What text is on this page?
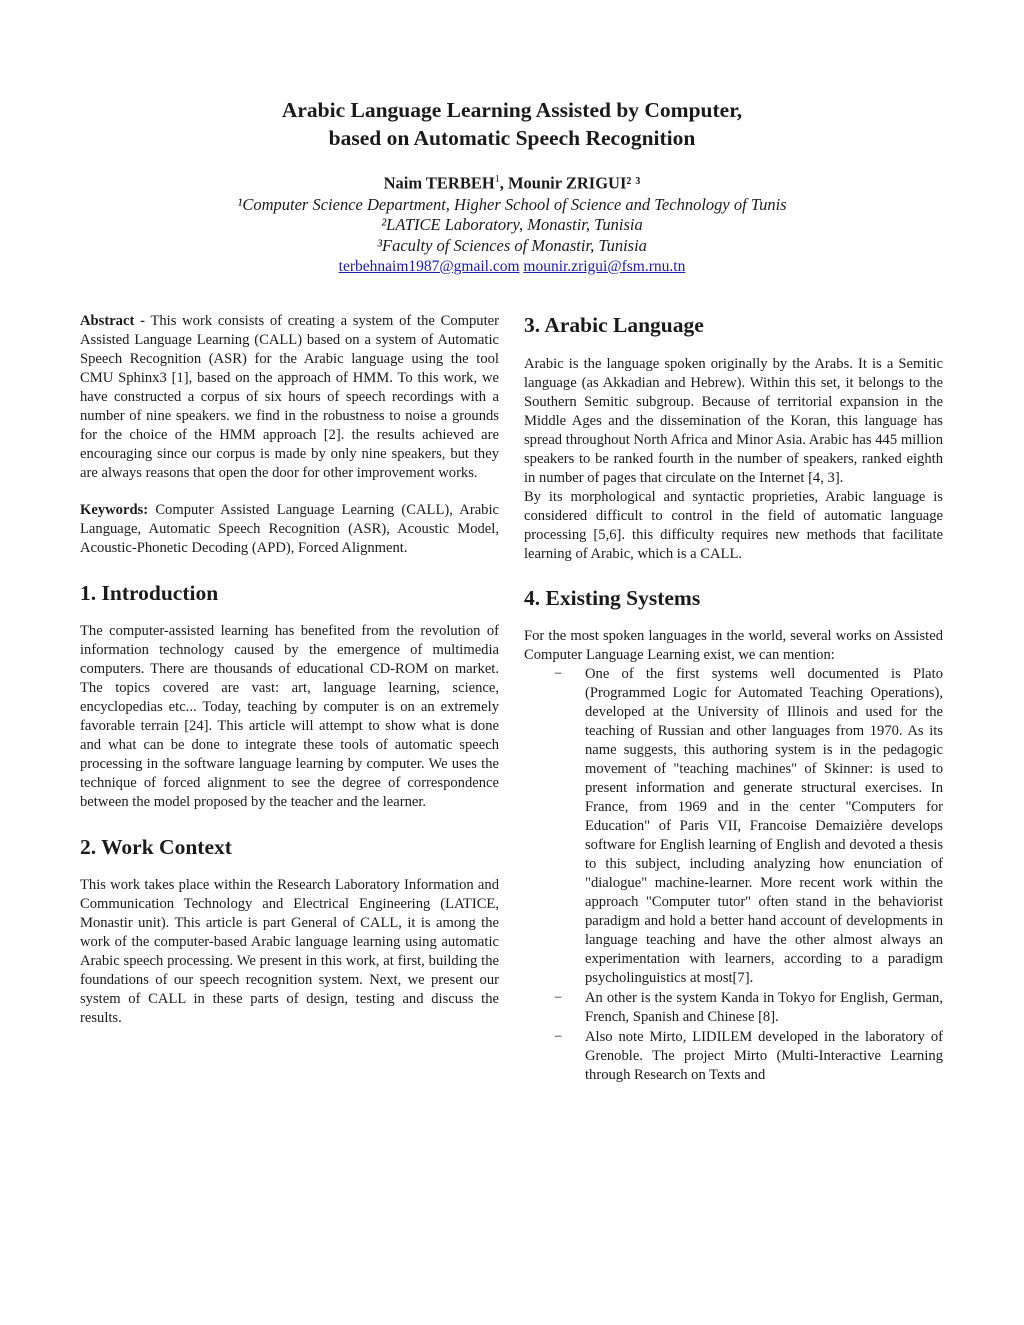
Arabic Language Learning Assisted by Computer,
based on Automatic Speech Recognition
Naim TERBEH$^1$, Mounir ZRIGUI² ³
¹Computer Science Department, Higher School of Science and Technology of Tunis
²LATICE Laboratory, Monastir, Tunisia
³Faculty of Sciences of Monastir, Tunisia
terbehnaim1987@gmail.com mounir.zrigui@fsm.rnu.tn

Abstract - This work consists of creating a system of the Computer Assisted Language Learning (CALL) based on a system of Automatic Speech Recognition (ASR) for the Arabic language using the tool CMU Sphinx3 [1], based on the approach of HMM. To this work, we have constructed a corpus of six hours of speech recordings with a number of nine speakers. we find in the robustness to noise a grounds for the choice of the HMM approach [2]. the results achieved are encouraging since our corpus is made by only nine speakers, but they are always reasons that open the door for other improvement works.

Keywords: Computer Assisted Language Learning (CALL), Arabic Language, Automatic Speech Recognition (ASR), Acoustic Model, Acoustic-Phonetic Decoding (APD), Forced Alignment.

1. Introduction

The computer-assisted learning has benefited from the revolution of information technology caused by the emergence of multimedia computers. There are thousands of educational CD-ROM on market. The topics covered are vast: art, language learning, science, encyclopedias etc... Today, teaching by computer is on an extremely favorable terrain [24]. This article will attempt to show what is done and what can be done to integrate these tools of automatic speech processing in the software language learning by computer. We uses the technique of forced alignment to see the degree of correspondence between the model proposed by the teacher and the learner.

2. Work Context

This work takes place within the Research Laboratory Information and Communication Technology and Electrical Engineering (LATICE, Monastir unit). This article is part General of CALL, it is among the work of the computer-based Arabic language learning using automatic Arabic speech processing. We present in this work, at first, building the foundations of our speech recognition system. Next, we present our system of CALL in these parts of design, testing and discuss the results.

3. Arabic Language

Arabic is the language spoken originally by the Arabs. It is a Semitic language (as Akkadian and Hebrew). Within this set, it belongs to the Southern Semitic subgroup. Because of territorial expansion in the Middle Ages and the dissemination of the Koran, this language has spread throughout North Africa and Minor Asia. Arabic has 445 million speakers to be ranked fourth in the number of speakers, ranked eighth in number of pages that circulate on the Internet [4, 3].

By its morphological and syntactic proprieties, Arabic language is considered difficult to control in the field of automatic language processing [5,6]. this difficulty requires new methods that facilitate learning of Arabic, which is a CALL.

4. Existing Systems

For the most spoken languages in the world, several works on Assisted Computer Language Learning exist, we can mention:

− One of the first systems well documented is Plato (Programmed Logic for Automated Teaching Operations), developed at the University of Illinois and used for the teaching of Russian and other languages from 1970. As its name suggests, this authoring system is in the pedagogic movement of "teaching machines" of Skinner: is used to present information and generate structural exercises. In France, from 1969 and in the center "Computers for Education" of Paris VII, Francoise Demaizière develops software for English learning of English and devoted a thesis to this subject, including analyzing how enunciation of "dialogue" machine-learner. More recent work within the approach "Computer tutor" often stand in the behaviorist paradigm and hold a better hand account of developments in language teaching and have the other almost always an experimentation with learners, according to a paradigm psycholinguistics at most[7].
− An other is the system Kanda in Tokyo for English, German, French, Spanish and Chinese [8].
− Also note Mirto, LIDILEM developed in the laboratory of Grenoble. The project Mirto (Multi-Interactive Learning through Research on Texts and
